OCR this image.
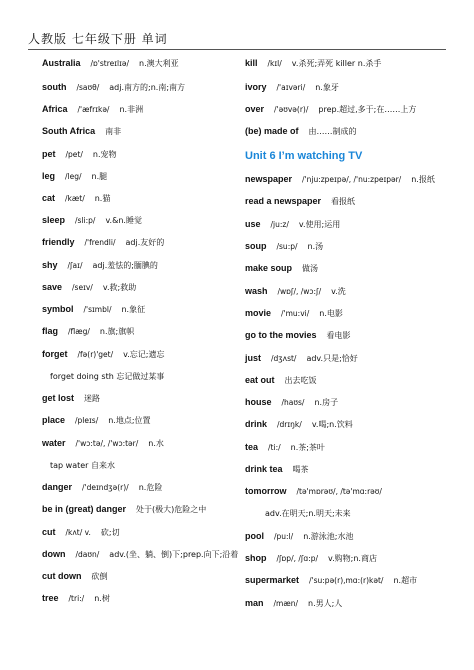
人教版 七年级下册 单词
Australia /ɒ'streɪlɪə/ n.澳大利亚
south /saʊθ/ adj.南方的;n.南;南方
Africa /'æfrɪkə/ n.非洲
South Africa 南非
pet /pet/ n.宠物
leg /leg/ n.腿
cat /kæt/ n.猫
sleep /sli:p/ v.&n.睡觉
friendly /'frendli/ adj.友好的
shy /ʃaɪ/ adj.羞怯的;腼腆的
save /seɪv/ v.救;救助
symbol /'sɪmbl/ n.象征
flag /flæg/ n.旗;旗帜
forget /fə(r)'get/ v.忘记;遗忘
forget doing sth 忘记做过某事
get lost 迷路
place /pleɪs/ n.地点;位置
water /'wɔ:tə/, /'wɔ:tər/ n.水
tap water 自来水
danger /'deɪndʒə(r)/ n.危险
be in (great) danger 处于(极大)危险之中
cut /kʌt/ v. 砍;切
down /daʊn/ adv.(坐、躺、倒)下;prep.向下;沿着
cut down 砍倒
tree /tri:/ n.树
Unit 6 I’m watching TV
kill /kɪl/ v.杀死;弄死 killer n.杀手
ivory /'aɪvəri/ n.象牙
over /'əʊvə(r)/ prep.超过,多于;在……上方
(be) made of 由……制成的
newspaper /'nju:zpeɪpə/, /'nu:zpeɪpər/ n.报纸
read a newspaper 看报纸
use /ju:z/ v.使用;运用
soup /su:p/ n.汤
make soup 做汤
wash /wɒʃ/, /wɔ:ʃ/ v.洗
movie /'mu:vi/ n.电影
go to the movies 看电影
just /dʒʌst/ adv.只是;恰好
eat out 出去吃饭
house /haʊs/ n.房子
drink /drɪŋk/ v.喝;n.饮料
tea /ti:/ n.茶;茶叶
drink tea 喝茶
tomorrow /tə'mɒrəʊ/, /tə'mɑ:rəʊ/
adv.在明天;n.明天;未来
pool /pu:l/ n.游泳池;水池
shop /ʃɒp/, /ʃɑ:p/ v.购物;n.商店
supermarket /'su:pə(r),mɑ:(r)kət/ n.超市
man /mæn/ n.男人;人
